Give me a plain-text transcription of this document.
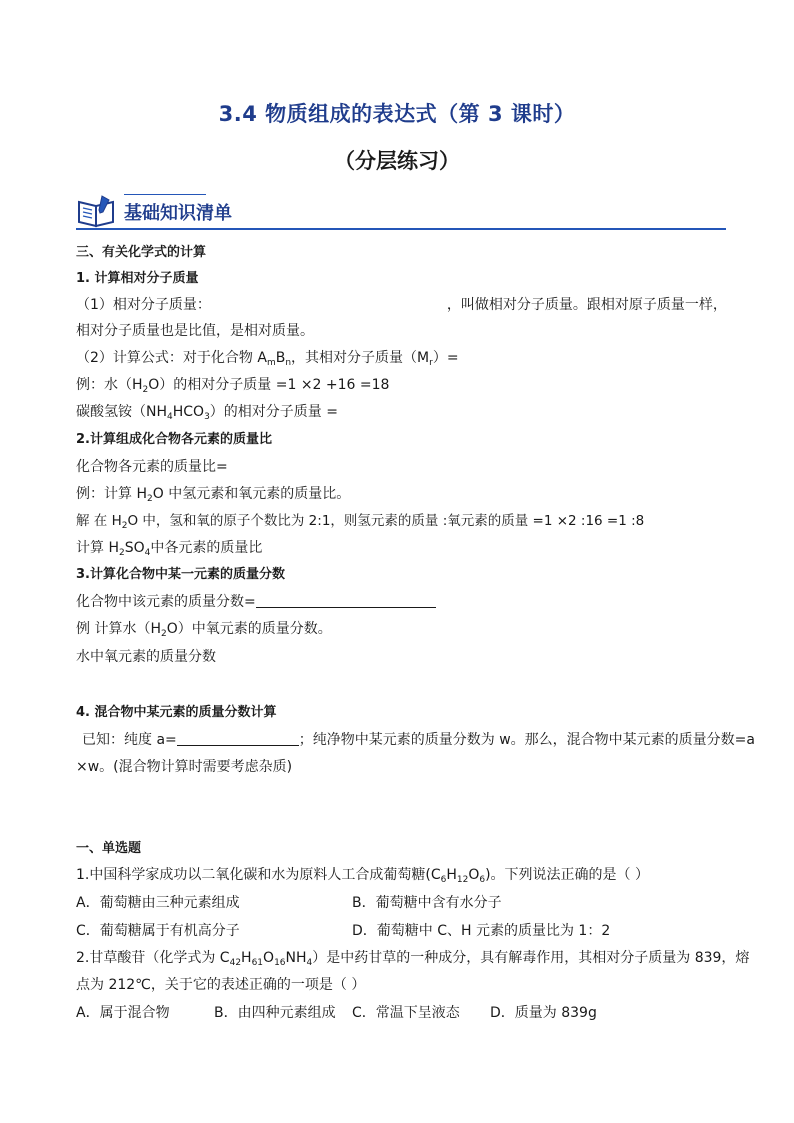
3.4 物质组成的表达式（第 3 课时）
（分层练习）
基础知识清单
三、有关化学式的计算
1. 计算相对分子质量
（1）相对分子质量：	，叫做相对分子质量。跟相对原子质量一样，
相对分子质量也是比值，是相对质量。
（2）计算公式：对于化合物 $A_mB_n$，其相对分子质量$(M_r)=$
例：水$(H_2O)$的相对分子质量 =1 ×2 +16 =18
碳酸氢铵$(NH_4HCO_3)$的相对分子质量 =
2.计算组成化合物各元素的质量比
化合物各元素的质量比=
例：计算 $H_2O$ 中氢元素和氧元素的质量比。
解 在 $H_2O$ 中，氢和氧的原子个数比为 2:1，则氢元素的质量 :氧元素的质量 =1 ×2 :16 =1 :8
计算 $H_2SO_4$中各元素的质量比
3.计算化合物中某一元素的质量分数
化合物中该元素的质量分数=
例 计算水$(H_2O)$中氧元素的质量分数。
水中氧元素的质量分数
4. 混合物中某元素的质量分数计算
已知：纯度 a=	；纯净物中某元素的质量分数为 w。那么，混合物中某元素的质量分数=a
×w。(混合物计算时需要考虑杂质)
一、单选题
1.中国科学家成功以二氧化碳和水为原料人工合成葡萄糖$(C_6H_{12}O_6)$。下列说法正确的是（ ）
A．葡萄糖由三种元素组成	B．葡萄糖中含有水分子
C．葡萄糖属于有机高分子	D．葡萄糖中 C、H 元素的质量比为 1：2
2.甘草酸苷（化学式为 $C_{42}H_{61}O_{16}NH_4$）是中药甘草的一种成分，具有解毒作用，其相对分子质量为 839，熔
点为 212℃，关于它的表述正确的一项是（ ）
A．属于混合物	B．由四种元素组成 C．常温下呈液态 D．质量为 839g
